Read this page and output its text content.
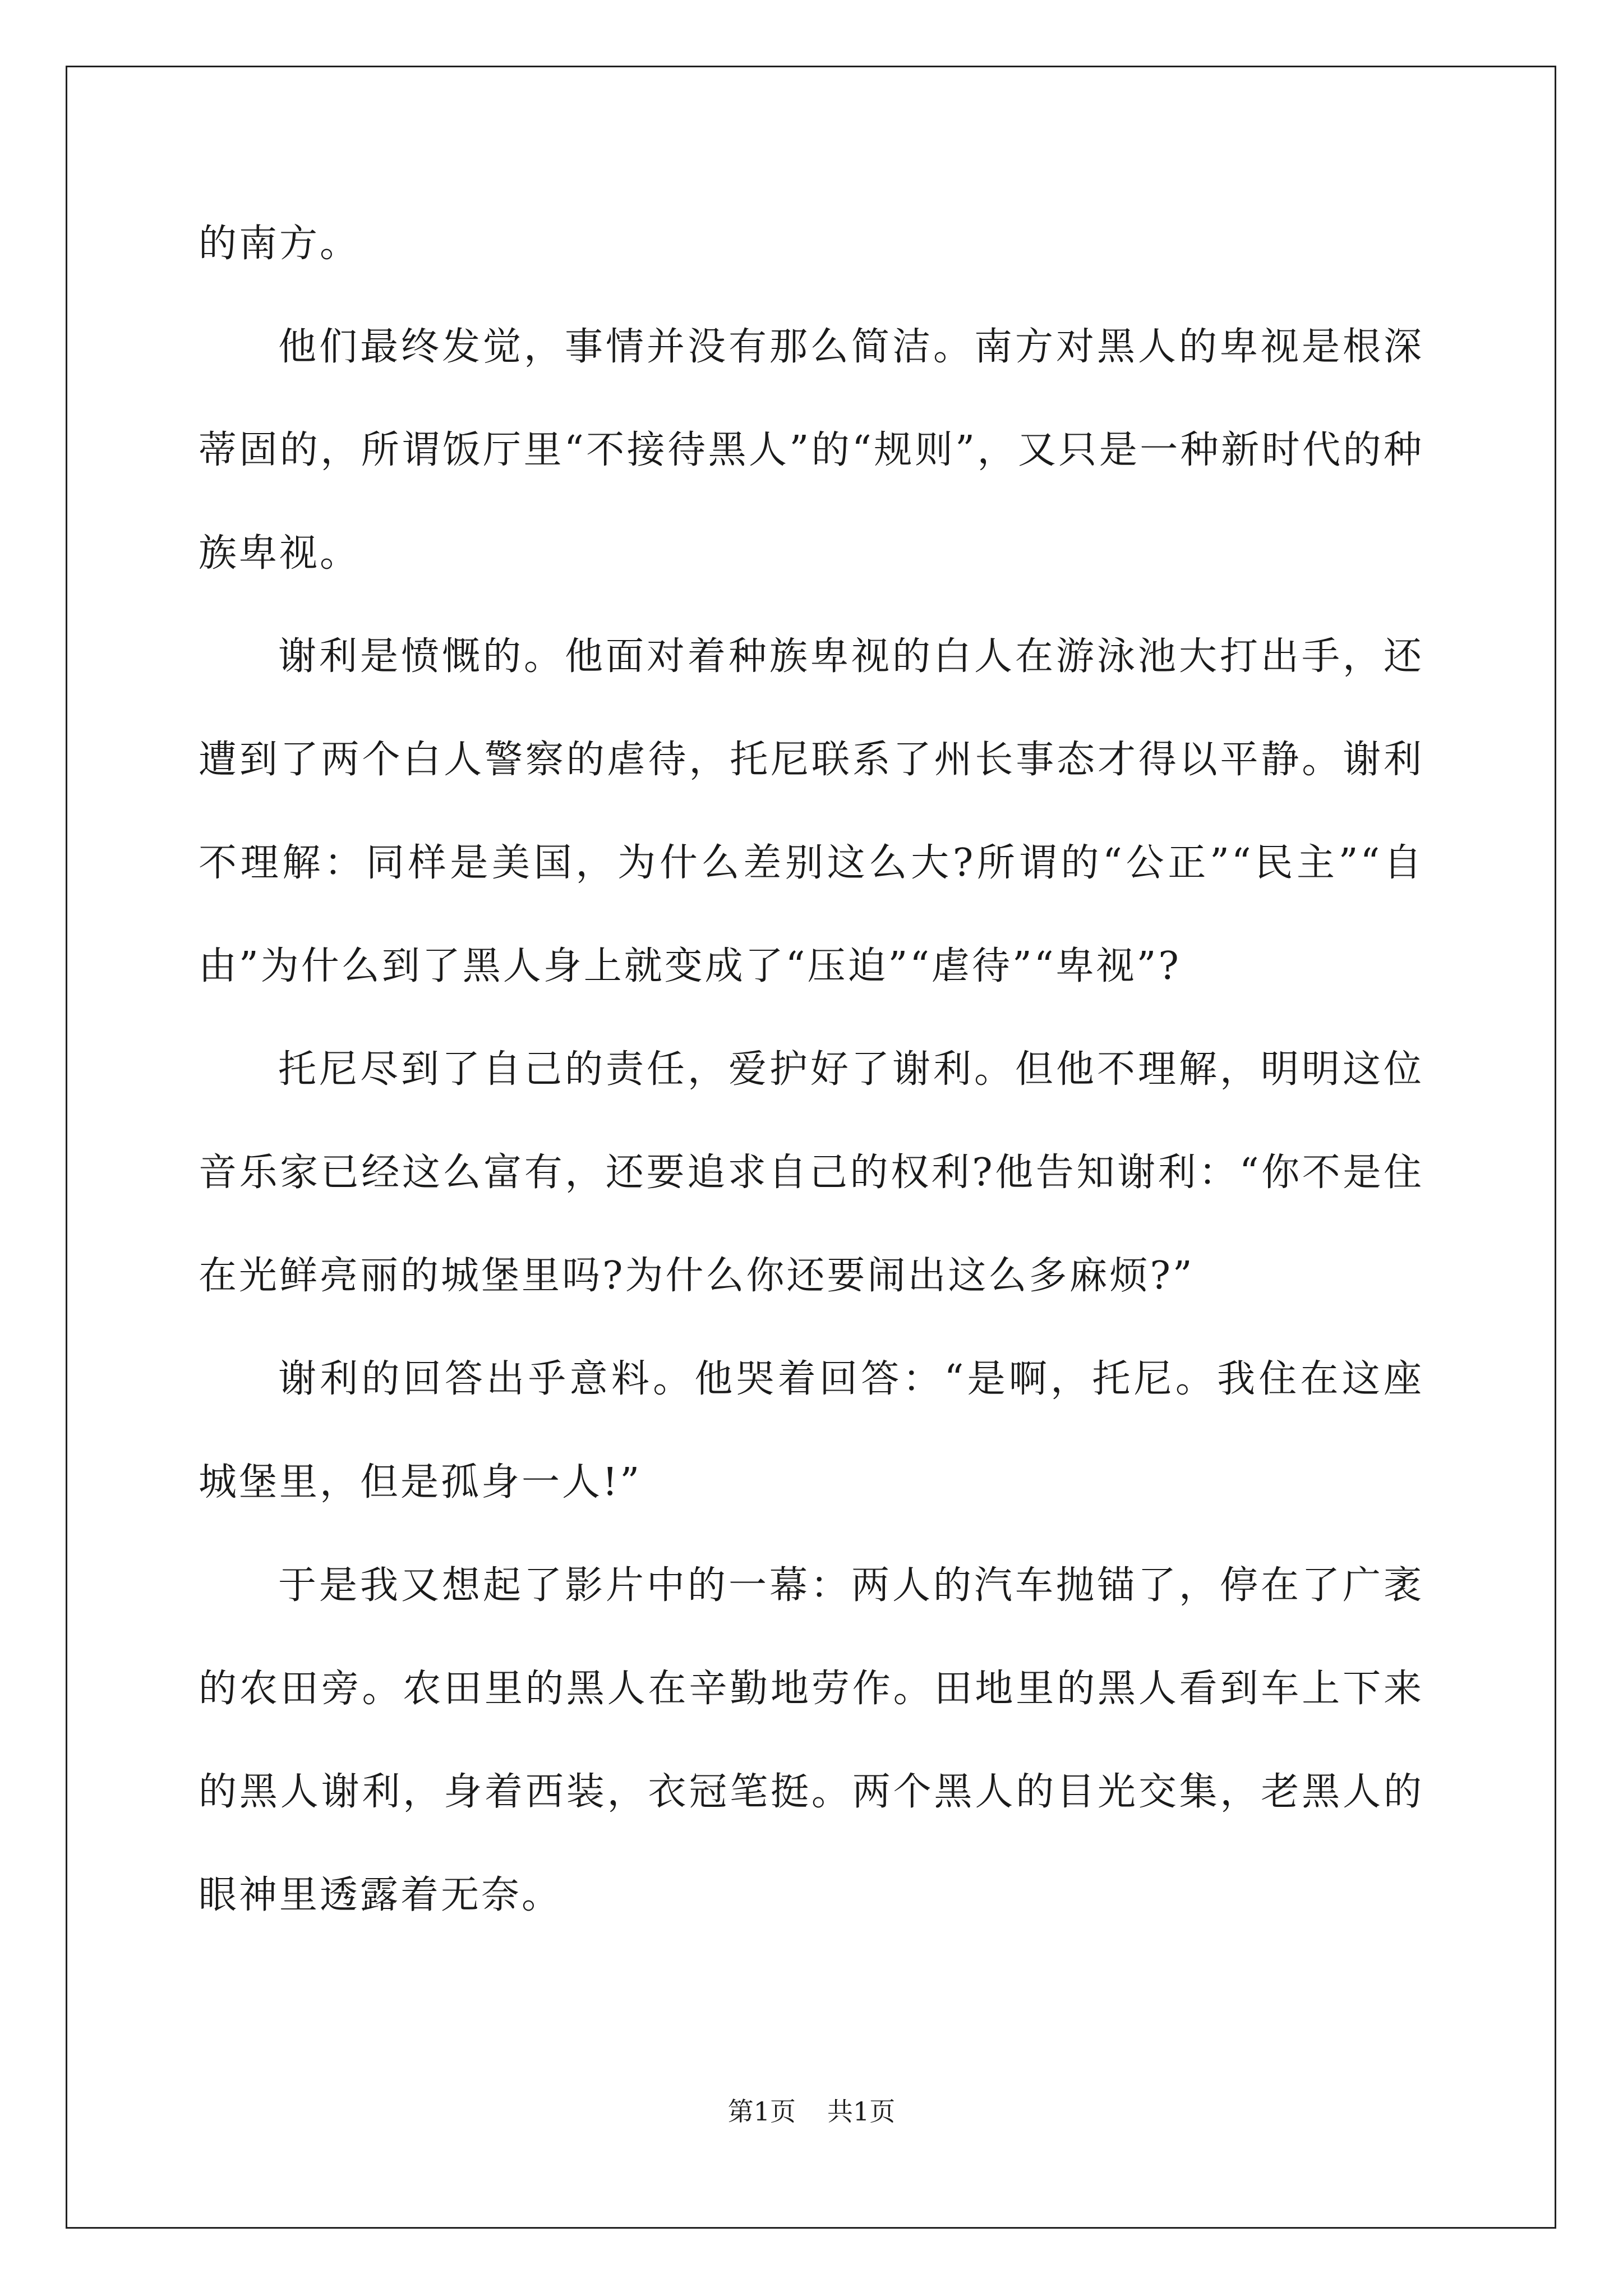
的南方。

他们最终发觉，事情并没有那么简洁。南方对黑人的卑视是根深蒂固的，所谓饭厅里“不接待黑人”的“规则”，又只是一种新时代的种族卑视。

谢利是愤慨的。他面对着种族卑视的白人在游泳池大打出手，还遭到了两个白人警察的虐待，托尼联系了州长事态才得以平静。谢利不理解：同样是美国，为什么差别这么大?所谓的“公正”“民主”“自由”为什么到了黑人身上就变成了“压迫”“虐待”“卑视”?

托尼尽到了自己的责任，爱护好了谢利。但他不理解，明明这位音乐家已经这么富有，还要追求自己的权利?他告知谢利：“你不是住在光鲜亮丽的城堡里吗?为什么你还要闹出这么多麻烦?”

谢利的回答出乎意料。他哭着回答：“是啊，托尼。我住在这座城堡里，但是孤身一人!”

于是我又想起了影片中的一幕：两人的汽车抛锚了，停在了广袤的农田旁。农田里的黑人在辛勤地劳作。田地里的黑人看到车上下来的黑人谢利，身着西装，衣冠笔挺。两个黑人的目光交集，老黑人的眼神里透露着无奈。

第1页 共1页
